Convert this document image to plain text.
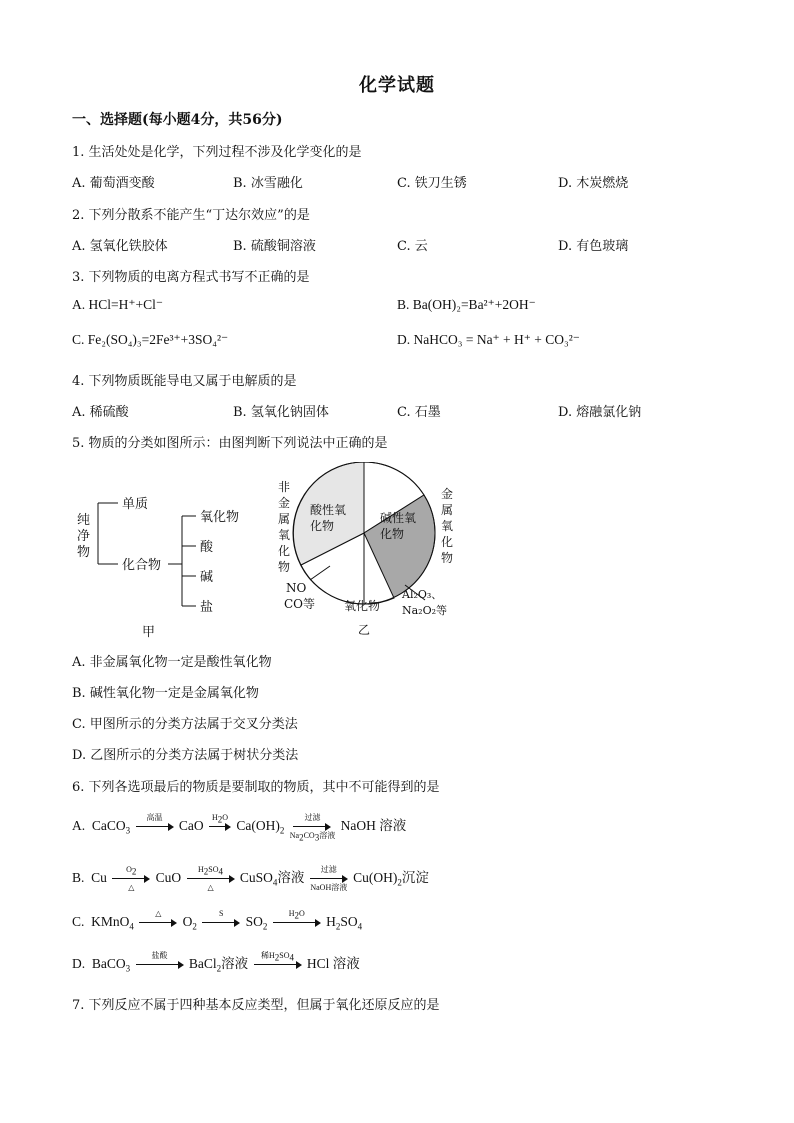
化学试题
一、选择题(每小题4分，共56分)
1. 生活处处是化学，下列过程不涉及化学变化的是
A. 葡萄酒变酸	B. 冰雪融化	C. 铁刀生锈	D. 木炭燃烧
2. 下列分散系不能产生“丁达尔效应”的是
A. 氢氧化铁胶体	B. 硫酸铜溶液	C. 云	D. 有色玻璃
3. 下列物质的电离方程式书写不正确的是
A. HCl=H⁺+Cl⁻	B. Ba(OH)₂=Ba²⁺+2OH⁻
C. Fe₂(SO₄)₃=2Fe³⁺+3SO₄²⁻	D. NaHCO₃ = Na⁺ + H⁺ + CO₃²⁻
4. 下列物质既能导电又属于电解质的是
A. 稀硫酸	B. 氢氧化钠固体	C. 石墨	D. 熔融氯化钠
5. 物质的分类如图所示：由图判断下列说法中正确的是
纯
净
物
单质
化合物
氧化物
酸
碱
盐
甲
非
金
属
氧
化
物
金
属
氧
化
物
酸性氧
化物
碱性氧
化物
NO
CO等 氧化物
Al₂O₃、
Na₂O₂等
乙
A. 非金属氧化物一定是酸性氧化物
B. 碱性氧化物一定是金属氧化物
C. 甲图所示的分类方法属于交叉分类法
D. 乙图所示的分类方法属于树状分类法
6. 下列各选项最后的物质是要制取的物质，其中不可能得到的是
A.  CaCO$_3$
高温
CaO
$H_2O$
$Ca(OH)_2$
过滤
$Na_2CO_3$溶液
NaOH 溶液
B.  Cu
$O_2$
△
CuO
$H_2SO_4$
△
CuSO$_4$溶液
过滤
NaOH溶液
$Cu(OH)_2$沉淀
C.  KMnO$_4$
△
$O_2$
S
$SO_2$
$H_2O$
$H_2SO_4$
D.  BaCO$_3$
盐酸
BaCl$_2$溶液
稀$H_2SO_4$ HCl 溶液
7. 下列反应不属于四种基本反应类型，但属于氧化还原反应的是
